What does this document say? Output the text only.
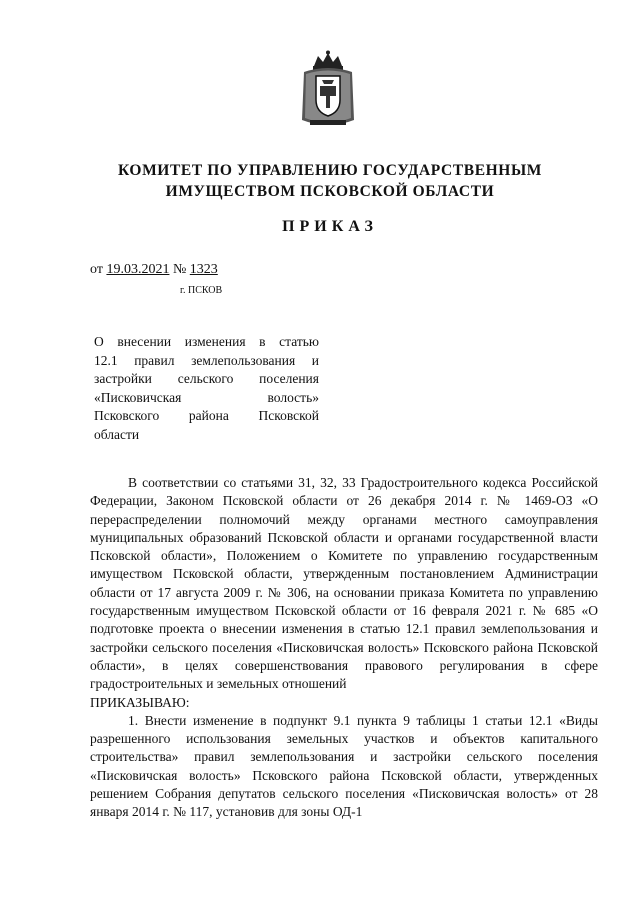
КОМИТЕТ ПО УПРАВЛЕНИЮ ГОСУДАРСТВЕННЫМ
ИМУЩЕСТВОМ ПСКОВСКОЙ ОБЛАСТИ
ПРИКАЗ
от 19.03.2021 № 1323
г. ПСКОВ
О внесении изменения в статью
12.1 правил землепользования и
застройки сельского поселения
«Писковичская волость»
Псковского района Псковской
области

В соответствии со статьями 31, 32, 33 Градостроительного кодекса Российской Федерации, Законом Псковской области от 26 декабря 2014 г. № 1469-ОЗ «О перераспределении полномочий между органами местного самоуправления муниципальных образований Псковской области и органами государственной власти Псковской области», Положением о Комитете по управлению государственным имуществом Псковской области, утвержденным постановлением Администрации области от 17 августа 2009 г. № 306, на основании приказа Комитета по управлению государственным имуществом Псковской области от 16 февраля 2021 г. № 685 «О подготовке проекта о внесении изменения в статью 12.1 правил землепользования и застройки сельского поселения «Писковичская волость» Псковского района Псковской области», в целях совершенствования правового регулирования в сфере градостроительных и земельных отношений

ПРИКАЗЫВАЮ:

1. Внести изменение в подпункт 9.1 пункта 9 таблицы 1 статьи 12.1 «Виды разрешенного использования земельных участков и объектов капитального строительства» правил землепользования и застройки сельского поселения «Писковичская волость» Псковского района Псковской области, утвержденных решением Собрания депутатов сельского поселения «Писковичская волость» от 28 января 2014 г. № 117, установив для зоны ОД-1
